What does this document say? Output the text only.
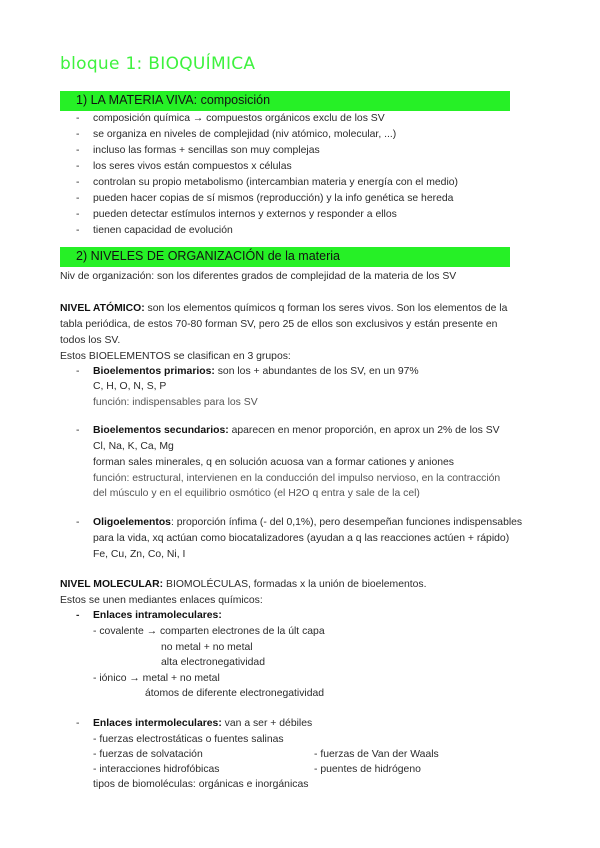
bloque 1: BIOQUÍMICA
1) LA MATERIA VIVA: composición
- composición química → compuestos orgánicos exclu de los SV
- se organiza en niveles de complejidad (niv atómico, molecular, ...)
- incluso las formas + sencillas son muy complejas
- los seres vivos están compuestos x células
- controlan su propio metabolismo (intercambian materia y energía con el medio)
- pueden hacer copias de sí mismos (reproducción) y la info genética se hereda
- pueden detectar estímulos internos y externos y responder a ellos
- tienen capacidad de evolución
2) NIVELES DE ORGANIZACIÓN de la materia
Niv de organización: son los diferentes grados de complejidad de la materia de los SV
NIVEL ATÓMICO: son los elementos químicos q forman los seres vivos. Son los elementos de la
tabla periódica, de estos 70-80 forman SV, pero 25 de ellos son exclusivos y están presente en
todos los SV.
Estos BIOELEMENTOS se clasifican en 3 grupos:
- Bioelementos primarios: son los + abundantes de los SV, en un 97%
C, H, O, N, S, P
función: indispensables para los SV
- Bioelementos secundarios: aparecen en menor proporción, en aprox un 2% de los SV
Cl, Na, K, Ca, Mg
forman sales minerales, q en solución acuosa van a formar cationes y aniones
función: estructural, intervienen en la conducción del impulso nervioso, en la contracción
del músculo y en el equilibrio osmótico (el H2O q entra y sale de la cel)
- Oligoelementos: proporción ínfima (- del 0,1%), pero desempeñan funciones indispensables
para la vida, xq actúan como biocatalizadores (ayudan a q las reacciones actúen + rápido)
Fe, Cu, Zn, Co, Ni, I
NIVEL MOLECULAR: BIOMOLÉCULAS, formadas x la unión de bioelementos.
Estos se unen mediantes enlaces químicos:
- Enlaces intramoleculares:
- covalente → comparten electrones de la últ capa
no metal + no metal
alta electronegatividad
- iónico → metal + no metal
átomos de diferente electronegatividad
- Enlaces intermoleculares: van a ser + débiles
- fuerzas electrostáticas o fuentes salinas
- fuerzas de solvatación	- fuerzas de Van der Waals
- interacciones hidrofóbicas	- puentes de hidrógeno
tipos de biomoléculas: orgánicas e inorgánicas
